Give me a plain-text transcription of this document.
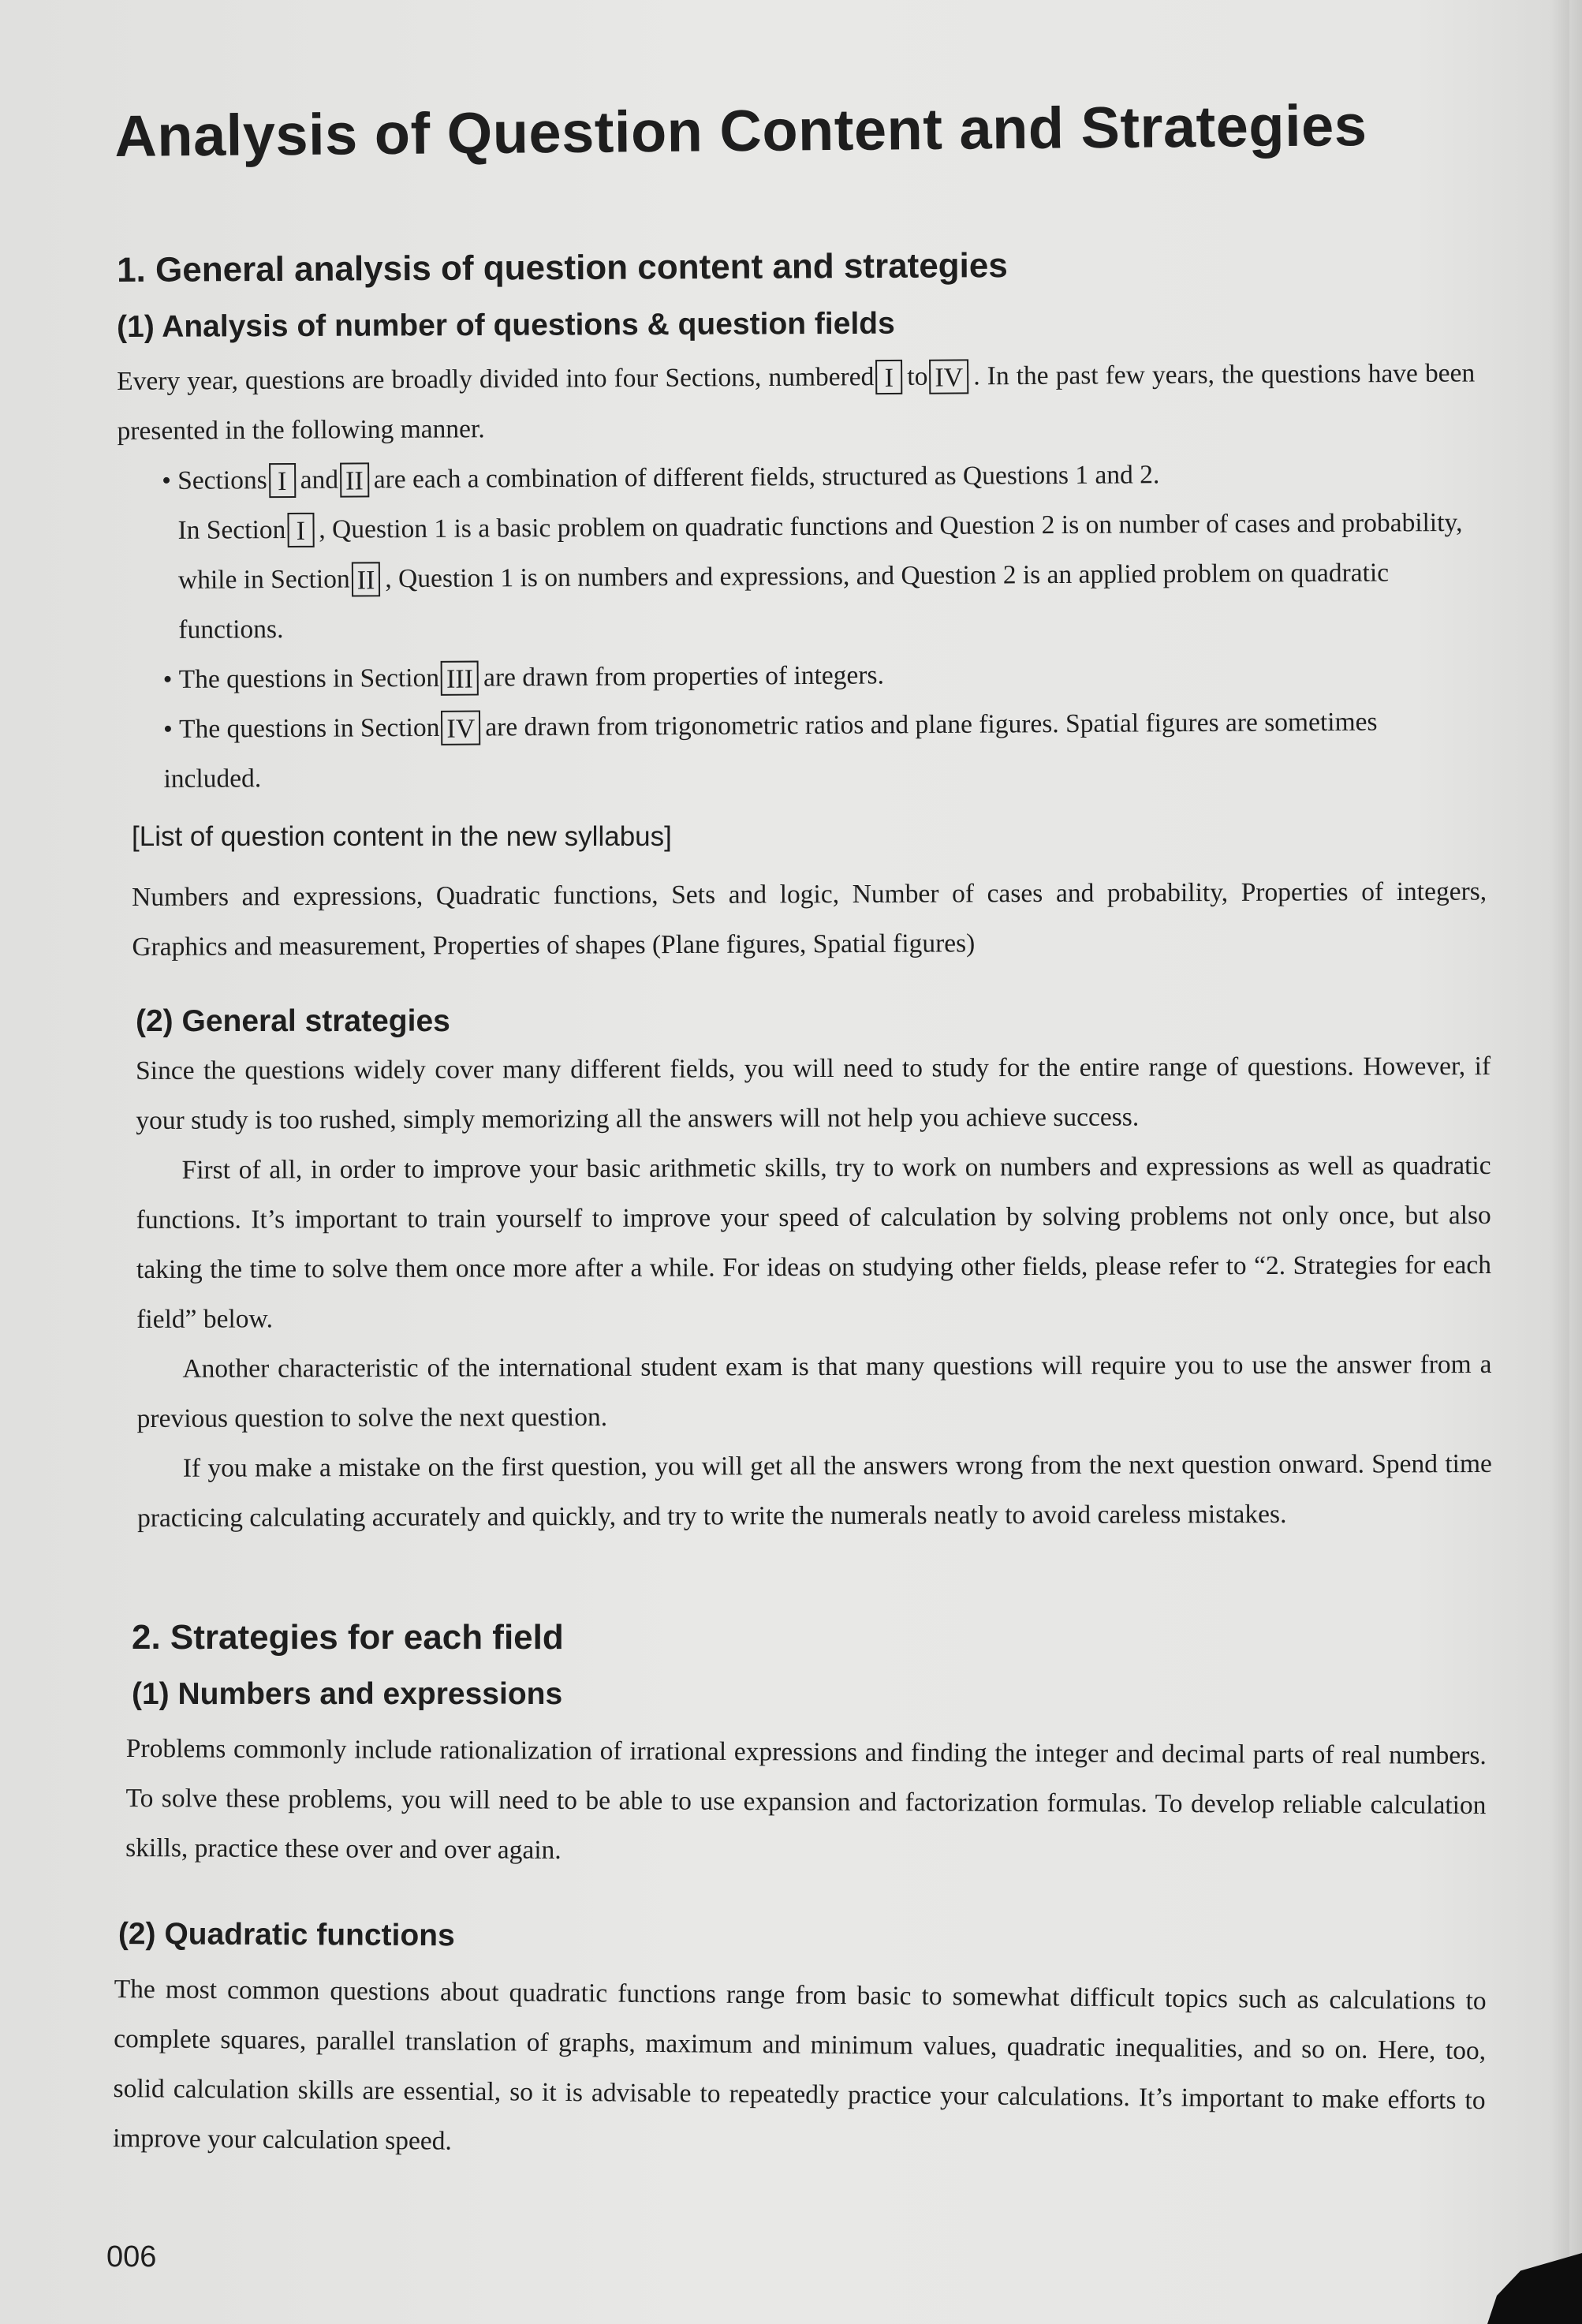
Analysis of Question Content and Strategies
1. General analysis of question content and strategies
(1) Analysis of number of questions & question fields

Every year, questions are broadly divided into four Sections, numbered I to IV . In the past few years, the questions have been presented in the following manner.

• Sections I and II are each a combination of different fields, structured as Questions 1 and 2.
In Section I , Question 1 is a basic problem on quadratic functions and Question 2 is on number of cases and probability, while in Section II , Question 1 is on numbers and expressions, and Question 2 is an applied problem on quadratic functions.
• The questions in Section III are drawn from properties of integers.
• The questions in Section IV are drawn from trigonometric ratios and plane figures. Spatial figures are sometimes included.
[List of question content in the new syllabus]

Numbers and expressions, Quadratic functions, Sets and logic, Number of cases and probability, Properties of integers, Graphics and measurement, Properties of shapes (Plane figures, Spatial figures)

(2) General strategies

Since the questions widely cover many different fields, you will need to study for the entire range of questions. However, if your study is too rushed, simply memorizing all the answers will not help you achieve success.

First of all, in order to improve your basic arithmetic skills, try to work on numbers and expressions as well as quadratic functions. It’s important to train yourself to improve your speed of calculation by solving problems not only once, but also taking the time to solve them once more after a while. For ideas on studying other fields, please refer to “2. Strategies for each field” below.

Another characteristic of the international student exam is that many questions will require you to use the answer from a previous question to solve the next question.

If you make a mistake on the first question, you will get all the answers wrong from the next question onward. Spend time practicing calculating accurately and quickly, and try to write the numerals neatly to avoid careless mistakes.

2. Strategies for each field
(1) Numbers and expressions

Problems commonly include rationalization of irrational expressions and finding the integer and decimal parts of real numbers. To solve these problems, you will need to be able to use expansion and factorization formulas. To develop reliable calculation skills, practice these over and over again.

(2) Quadratic functions

The most common questions about quadratic functions range from basic to somewhat difficult topics such as calculations to complete squares, parallel translation of graphs, maximum and minimum values, quadratic inequalities, and so on. Here, too, solid calculation skills are essential, so it is advisable to repeatedly practice your calculations. It’s important to make efforts to improve your calculation speed.

006
